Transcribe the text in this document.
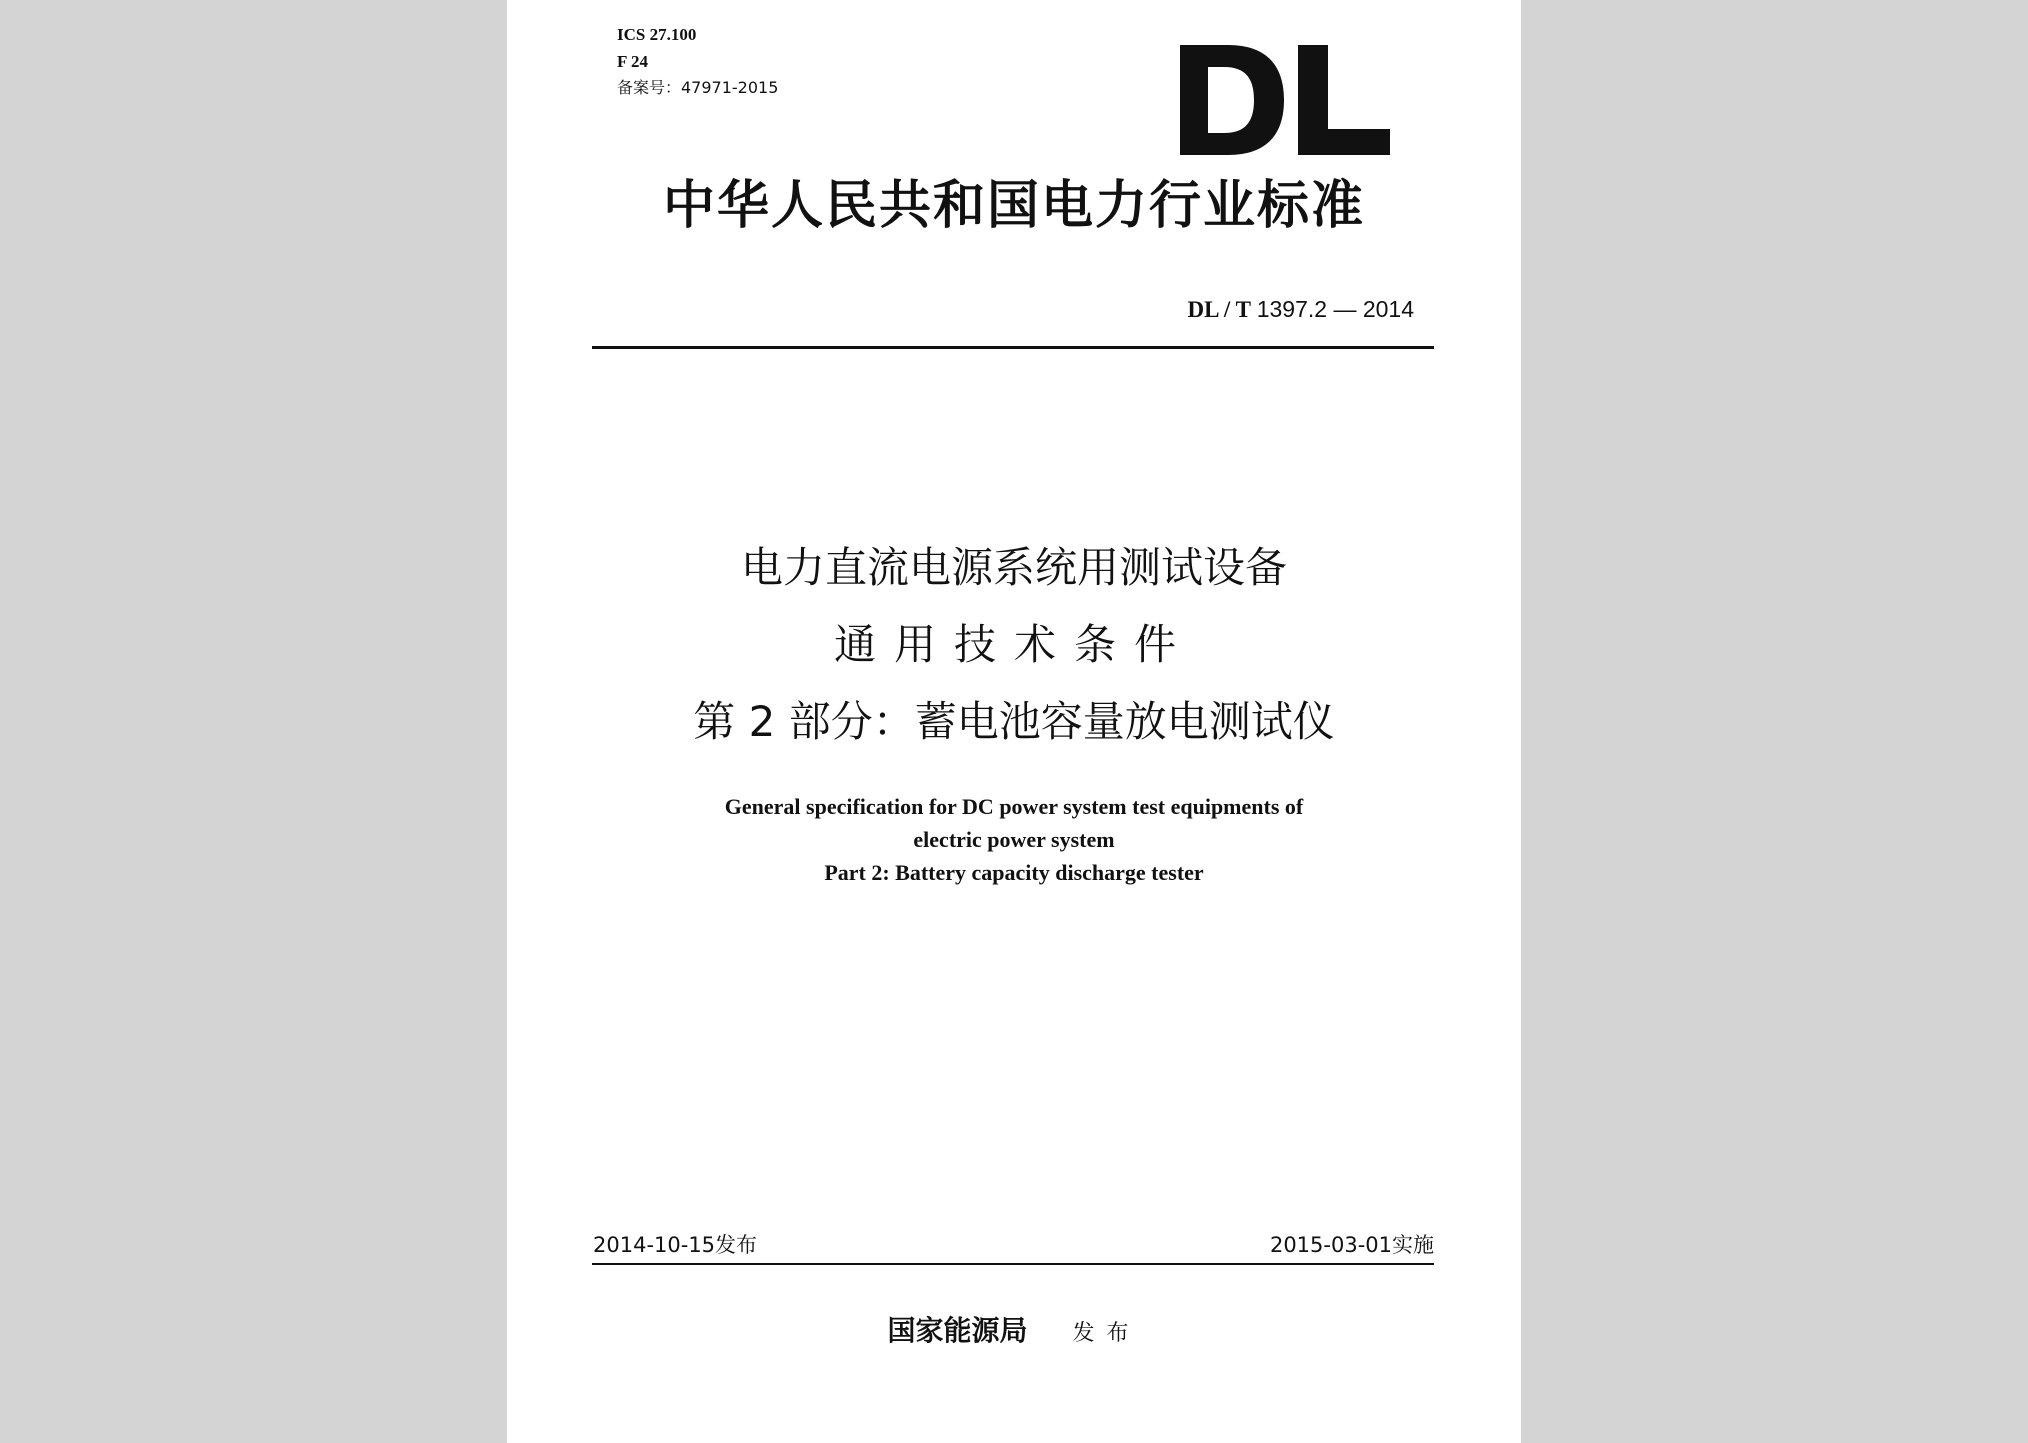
ICS 27.100
F 24
备案号：47971-2015
中华人民共和国电力行业标准
DL / T 1397.2 — 2014
电力直流电源系统用测试设备
通用技术条件
第 2 部分：蓄电池容量放电测试仪
General specification for DC power system test equipments of
electric power system
Part 2: Battery capacity discharge tester
2014-10-15发布	2015-03-01实施
国家能源局 发布
